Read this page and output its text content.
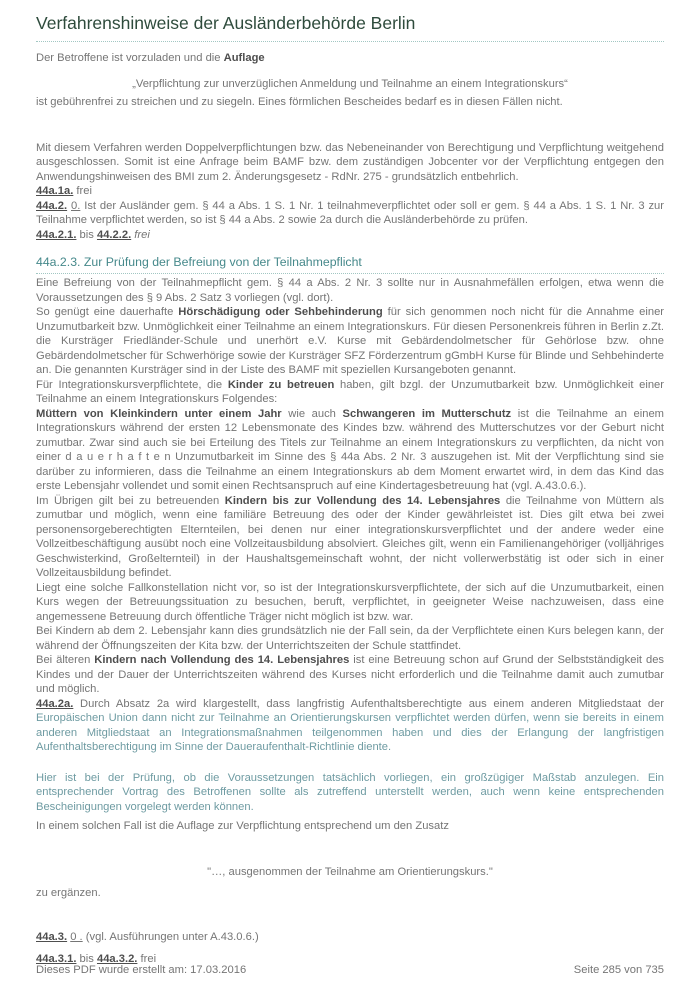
Verfahrenshinweise der Ausländerbehörde Berlin

Der Betroffene ist vorzuladen und die Auflage

„Verpflichtung zur unverzüglichen Anmeldung und Teilnahme an einem Integrationskurs“

ist gebührenfrei zu streichen und zu siegeln. Eines förmlichen Bescheides bedarf es in diesen Fällen nicht.

Mit diesem Verfahren werden Doppelverpflichtungen bzw. das Nebeneinander von Berechtigung und Verpflichtung weitgehend ausgeschlossen. Somit ist eine Anfrage beim BAMF bzw. dem zuständigen Jobcenter vor der Verpflichtung entgegen den Anwendungshinweisen des BMI zum 2. Änderungsgesetz - RdNr. 275 - grundsätzlich entbehrlich.

44a.1a. frei

44a.2. 0. Ist der Ausländer gem. § 44 a Abs. 1 S. 1 Nr. 1 teilnahmeverpflichtet oder soll er gem. § 44 a Abs. 1 S. 1 Nr. 3 zur Teilnahme verpflichtet werden, so ist § 44 a Abs. 2 sowie 2a durch die Ausländerbehörde zu prüfen.

44a.2.1. bis 44.2.2. frei

44a.2.3. Zur Prüfung der Befreiung von der Teilnahmepflicht

Eine Befreiung von der Teilnahmepflicht gem. § 44 a Abs. 2 Nr. 3 sollte nur in Ausnahmefällen erfolgen, etwa wenn die Voraussetzungen des § 9 Abs. 2 Satz 3 vorliegen (vgl. dort).

So genügt eine dauerhafte Hörschädigung oder Sehbehinderung für sich genommen noch nicht für die Annahme einer Unzumutbarkeit bzw. Unmöglichkeit einer Teilnahme an einem Integrationskurs. Für diesen Personenkreis führen in Berlin z.Zt. die Kursträger Friedländer-Schule und unerhört e.V. Kurse mit Gebärdendolmetscher für Gehörlose bzw. ohne Gebärdendolmetscher für Schwerhörige sowie der Kursträger SFZ Förderzentrum gGmbH Kurse für Blinde und Sehbehinderte an. Die genannten Kursträger sind in der Liste des BAMF mit speziellen Kursangeboten genannt.

Für Integrationskursverpflichtete, die Kinder zu betreuen haben, gilt bzgl. der Unzumutbarkeit bzw. Unmöglichkeit einer Teilnahme an einem Integrationskurs Folgendes:

Müttern von Kleinkindern unter einem Jahr wie auch Schwangeren im Mutterschutz ist die Teilnahme an einem Integrationskurs während der ersten 12 Lebensmonate des Kindes bzw. während des Mutterschutzes vor der Geburt nicht zumutbar. Zwar sind auch sie bei Erteilung des Titels zur Teilnahme an einem Integrationskurs zu verpflichten, da nicht von einer d a u e r h a f t e n Unzumutbarkeit im Sinne des § 44a Abs. 2 Nr. 3 auszugehen ist. Mit der Verpflichtung sind sie darüber zu informieren, dass die Teilnahme an einem Integrationskurs ab dem Moment erwartet wird, in dem das Kind das erste Lebensjahr vollendet und somit einen Rechtsanspruch auf eine Kindertagesbetreuung hat (vgl. A.43.0.6.).

Im Übrigen gilt bei zu betreuenden Kindern bis zur Vollendung des 14. Lebensjahres die Teilnahme von Müttern als zumutbar und möglich, wenn eine familiäre Betreuung des oder der Kinder gewährleistet ist. Dies gilt etwa bei zwei personensorgeberechtigten Elternteilen, bei denen nur einer integrationskursverpflichtet und der andere weder eine Vollzeitbeschäftigung ausübt noch eine Vollzeitausbildung absolviert. Gleiches gilt, wenn ein Familienangehöriger (volljähriges Geschwisterkind, Großelternteil) in der Haushaltsgemeinschaft wohnt, der nicht vollerwerbstätig ist oder sich in einer Vollzeitausbildung befindet.

Liegt eine solche Fallkonstellation nicht vor, so ist der Integrationskursverpflichtete, der sich auf die Unzumutbarkeit, einen Kurs wegen der Betreuungssituation zu besuchen, beruft, verpflichtet, in geeigneter Weise nachzuweisen, dass eine angemessene Betreuung durch öffentliche Träger nicht möglich ist bzw. war.

Bei Kindern ab dem 2. Lebensjahr kann dies grundsätzlich nie der Fall sein, da der Verpflichtete einen Kurs belegen kann, der während der Öffnungszeiten der Kita bzw. der Unterrichtszeiten der Schule stattfindet.

Bei älteren Kindern nach Vollendung des 14. Lebensjahres ist eine Betreuung schon auf Grund der Selbstständigkeit des Kindes und der Dauer der Unterrichtszeiten während des Kurses nicht erforderlich und die Teilnahme damit auch zumutbar und möglich.

44a.2a. Durch Absatz 2a wird klargestellt, dass langfristig Aufenthaltsberechtigte aus einem anderen Mitgliedstaat der Europäischen Union dann nicht zur Teilnahme an Orientierungskursen verpflichtet werden dürfen, wenn sie bereits in einem anderen Mitgliedstaat an Integrationsmaßnahmen teilgenommen haben und dies der Erlangung der langfristigen Aufenthaltsberechtigung im Sinne der Daueraufenthalt-Richtlinie diente.

Hier ist bei der Prüfung, ob die Voraussetzungen tatsächlich vorliegen, ein großzügiger Maßstab anzulegen. Ein entsprechender Vortrag des Betroffenen sollte als zutreffend unterstellt werden, auch wenn keine entsprechenden Bescheinigungen vorgelegt werden können.

In einem solchen Fall ist die Auflage zur Verpflichtung entsprechend um den Zusatz

"…, ausgenommen der Teilnahme am Orientierungskurs."

zu ergänzen.

44a.3. 0 . (vgl. Ausführungen unter A.43.0.6.)

44a.3.1. bis 44a.3.2. frei

Dieses PDF wurde erstellt am: 17.03.2016	Seite 285 von 735
